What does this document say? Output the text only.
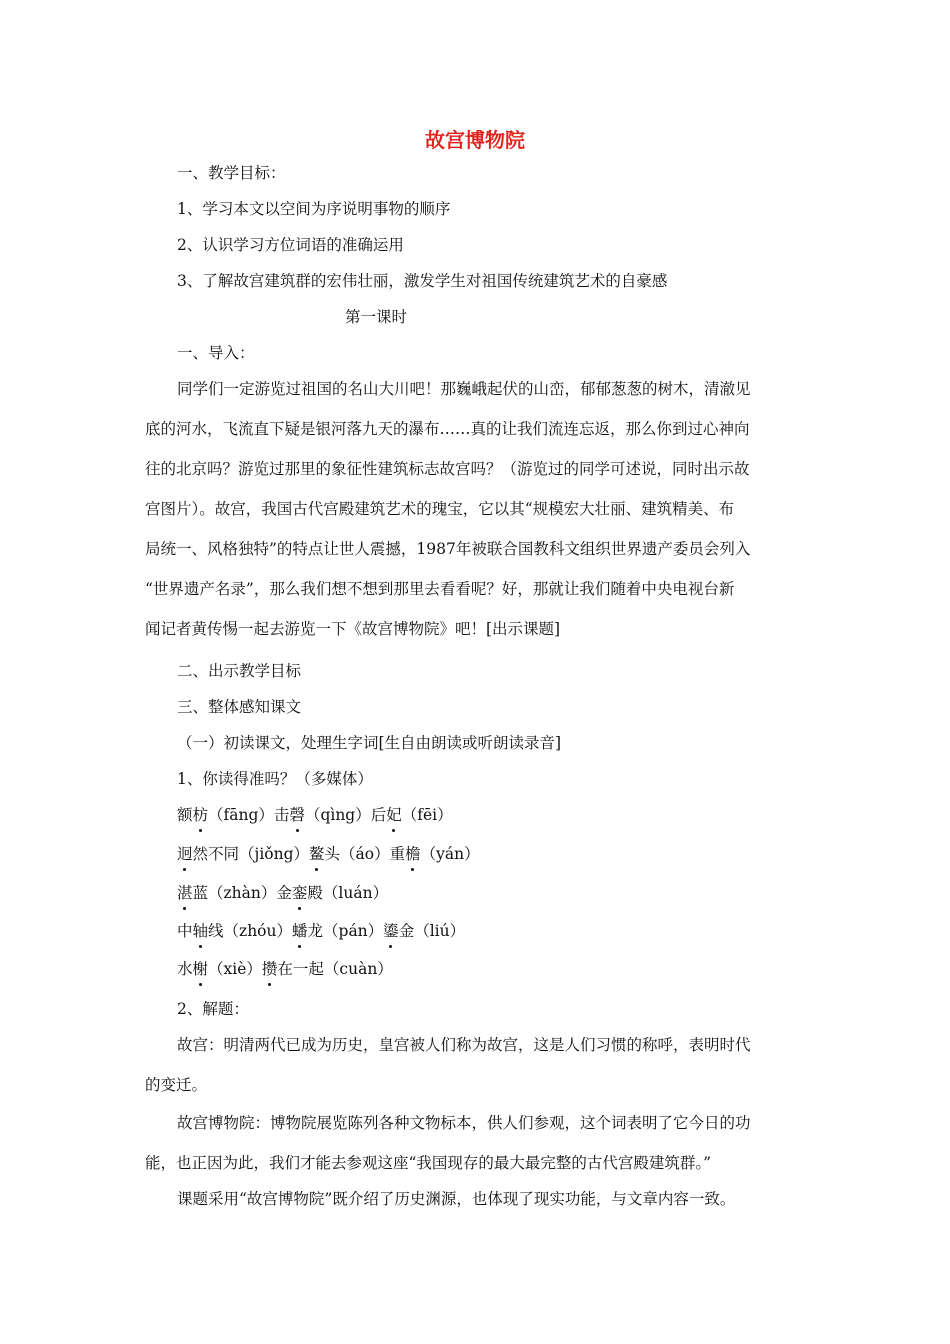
故宫博物院
一、教学目标：
1、学习本文以空间为序说明事物的顺序
2、认识学习方位词语的准确运用
3、了解故宫建筑群的宏伟壮丽，激发学生对祖国传统建筑艺术的自豪感
第一课时
一、导入：
同学们一定游览过祖国的名山大川吧！那巍峨起伏的山峦，郁郁葱葱的树木，清澈见
底的河水，飞流直下疑是银河落九天的瀑布……真的让我们流连忘返，那么你到过心神向
往的北京吗？游览过那里的象征性建筑标志故宫吗？（游览过的同学可述说，同时出示故
宫图片）。故宫，我国古代宫殿建筑艺术的瑰宝，它以其“规模宏大壮丽、建筑精美、布
局统一、风格独特”的特点让世人震撼，1987年被联合国教科文组织世界遗产委员会列入
“世界遗产名录”，那么我们想不想到那里去看看呢？好，那就让我们随着中央电视台新
闻记者黄传惕一起去游览一下《故宫博物院》吧！[出示课题]
二、出示教学目标
三、整体感知课文
（一）初读课文，处理生字词[生自由朗读或听朗读录音]
1、你读得准吗？（多媒体）
额枋（fāng）击磬（qìng）后妃（fēi）
迥然不同（jiǒng）鳌头（áo）重檐（yán）
湛蓝（zhàn）金銮殿（luán）
中轴线（zhóu）蟠龙（pán）鎏金（liú）
水榭（xiè）攒在一起（cuàn）
2、解题：
故宫：明清两代已成为历史，皇宫被人们称为故宫，这是人们习惯的称呼，表明时代
的变迁。
故宫博物院：博物院展览陈列各种文物标本，供人们参观，这个词表明了它今日的功
能，也正因为此，我们才能去参观这座“我国现存的最大最完整的古代宫殿建筑群。”
课题采用“故宫博物院”既介绍了历史渊源，也体现了现实功能，与文章内容一致。
